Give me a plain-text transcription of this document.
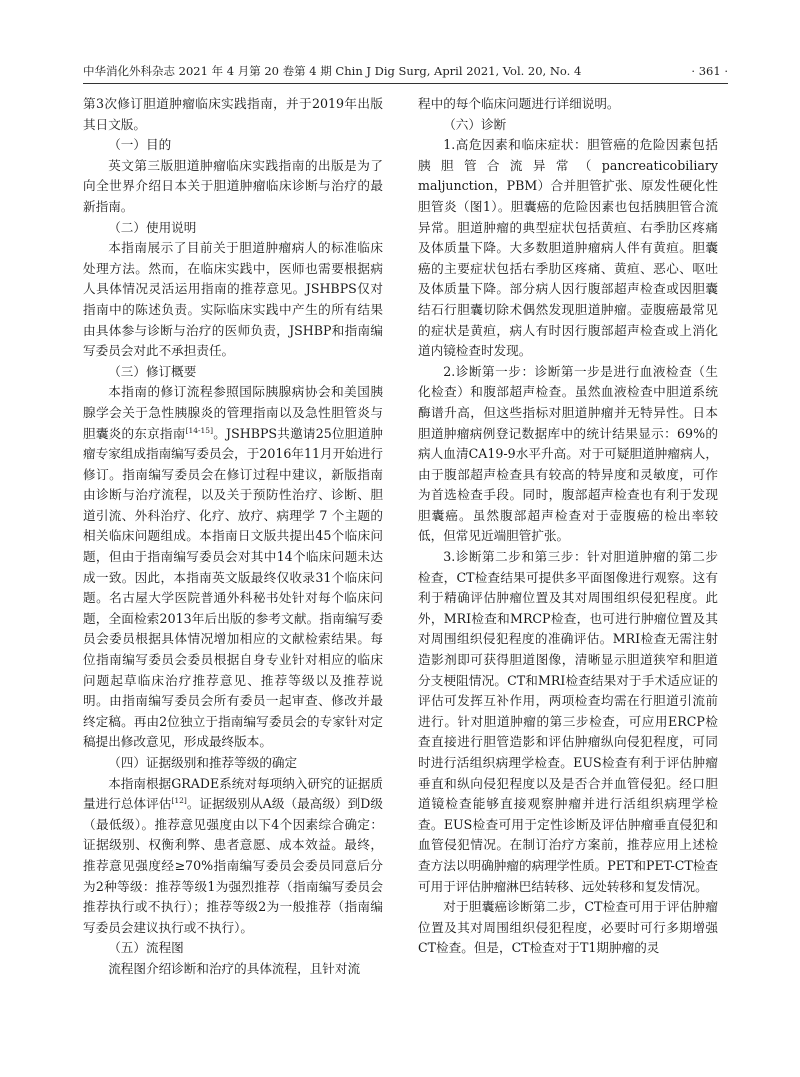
中华消化外科杂志 2021 年 4 月第 20 卷第 4 期 Chin J Dig Surg, April 2021, Vol. 20, No. 4	· 361 ·

第3次修订胆道肿瘤临床实践指南，并于2019年出版其日文版。

（一）目的

英文第三版胆道肿瘤临床实践指南的出版是为了向全世界介绍日本关于胆道肿瘤临床诊断与治疗的最新指南。

（二）使用说明

本指南展示了目前关于胆道肿瘤病人的标准临床处理方法。然而，在临床实践中，医师也需要根据病人具体情况灵活运用指南的推荐意见。JSHBPS仅对指南中的陈述负责。实际临床实践中产生的所有结果由具体参与诊断与治疗的医师负责，JSHBP和指南编写委员会对此不承担责任。

（三）修订概要

本指南的修订流程参照国际胰腺病协会和美国胰腺学会关于急性胰腺炎的管理指南以及急性胆管炎与胆囊炎的东京指南[14-15]。JSHBPS共邀请25位胆道肿瘤专家组成指南编写委员会，于2016年11月开始进行修订。指南编写委员会在修订过程中建议，新版指南由诊断与治疗流程，以及关于预防性治疗、诊断、胆道引流、外科治疗、化疗、放疗、病理学 7 个主题的相关临床问题组成。本指南日文版共提出45个临床问题，但由于指南编写委员会对其中14个临床问题未达成一致。因此，本指南英文版最终仅收录31个临床问题。名古屋大学医院普通外科秘书处针对每个临床问题，全面检索2013年后出版的参考文献。指南编写委员会委员根据具体情况增加相应的文献检索结果。每位指南编写委员会委员根据自身专业针对相应的临床问题起草临床治疗推荐意见、推荐等级以及推荐说明。由指南编写委员会所有委员一起审查、修改并最终定稿。再由2位独立于指南编写委员会的专家针对定稿提出修改意见，形成最终版本。

（四）证据级别和推荐等级的确定

本指南根据GRADE系统对每项纳入研究的证据质量进行总体评估[12]。证据级别从A级（最高级）到D级（最低级）。推荐意见强度由以下4个因素综合确定：证据级别、权衡利弊、患者意愿、成本效益。最终，推荐意见强度经≥70%指南编写委员会委员同意后分为2种等级：推荐等级1为强烈推荐（指南编写委员会推荐执行或不执行）；推荐等级2为一般推荐（指南编写委员会建议执行或不执行）。

（五）流程图

流程图介绍诊断和治疗的具体流程，且针对流

程中的每个临床问题进行详细说明。

（六）诊断

1.高危因素和临床症状：胆管癌的危险因素包括胰胆管合流异常（pancreaticobiliary maljunction，PBM）合并胆管扩张、原发性硬化性胆管炎（图1）。胆囊癌的危险因素也包括胰胆管合流异常。胆道肿瘤的典型症状包括黄疸、右季肋区疼痛及体质量下降。大多数胆道肿瘤病人伴有黄疸。胆囊癌的主要症状包括右季肋区疼痛、黄疸、恶心、呕吐及体质量下降。部分病人因行腹部超声检查或因胆囊结石行胆囊切除术偶然发现胆道肿瘤。壶腹癌最常见的症状是黄疸，病人有时因行腹部超声检查或上消化道内镜检查时发现。

2.诊断第一步：诊断第一步是进行血液检查（生化检查）和腹部超声检查。虽然血液检查中胆道系统酶谱升高，但这些指标对胆道肿瘤并无特异性。日本胆道肿瘤病例登记数据库中的统计结果显示：69%的病人血清CA19-9水平升高。对于可疑胆道肿瘤病人，由于腹部超声检查具有较高的特异度和灵敏度，可作为首选检查手段。同时，腹部超声检查也有利于发现胆囊癌。虽然腹部超声检查对于壶腹癌的检出率较低，但常见近端胆管扩张。

3.诊断第二步和第三步：针对胆道肿瘤的第二步检查，CT检查结果可提供多平面图像进行观察。这有利于精确评估肿瘤位置及其对周围组织侵犯程度。此外，MRI检查和MRCP检查，也可进行肿瘤位置及其对周围组织侵犯程度的准确评估。MRI检查无需注射造影剂即可获得胆道图像，清晰显示胆道狭窄和胆道分支梗阻情况。CT和MRI检查结果对于手术适应证的评估可发挥互补作用，两项检查均需在行胆道引流前进行。针对胆道肿瘤的第三步检查，可应用ERCP检查直接进行胆管造影和评估肿瘤纵向侵犯程度，可同时进行活组织病理学检查。EUS检查有利于评估肿瘤垂直和纵向侵犯程度以及是否合并血管侵犯。经口胆道镜检查能够直接观察肿瘤并进行活组织病理学检查。EUS检查可用于定性诊断及评估肿瘤垂直侵犯和血管侵犯情况。在制订治疗方案前，推荐应用上述检查方法以明确肿瘤的病理学性质。PET和PET-CT检查可用于评估肿瘤淋巴结转移、远处转移和复发情况。

对于胆囊癌诊断第二步，CT检查可用于评估肿瘤位置及其对周围组织侵犯程度，必要时可行多期增强CT检查。但是，CT检查对于T1期肿瘤的灵
